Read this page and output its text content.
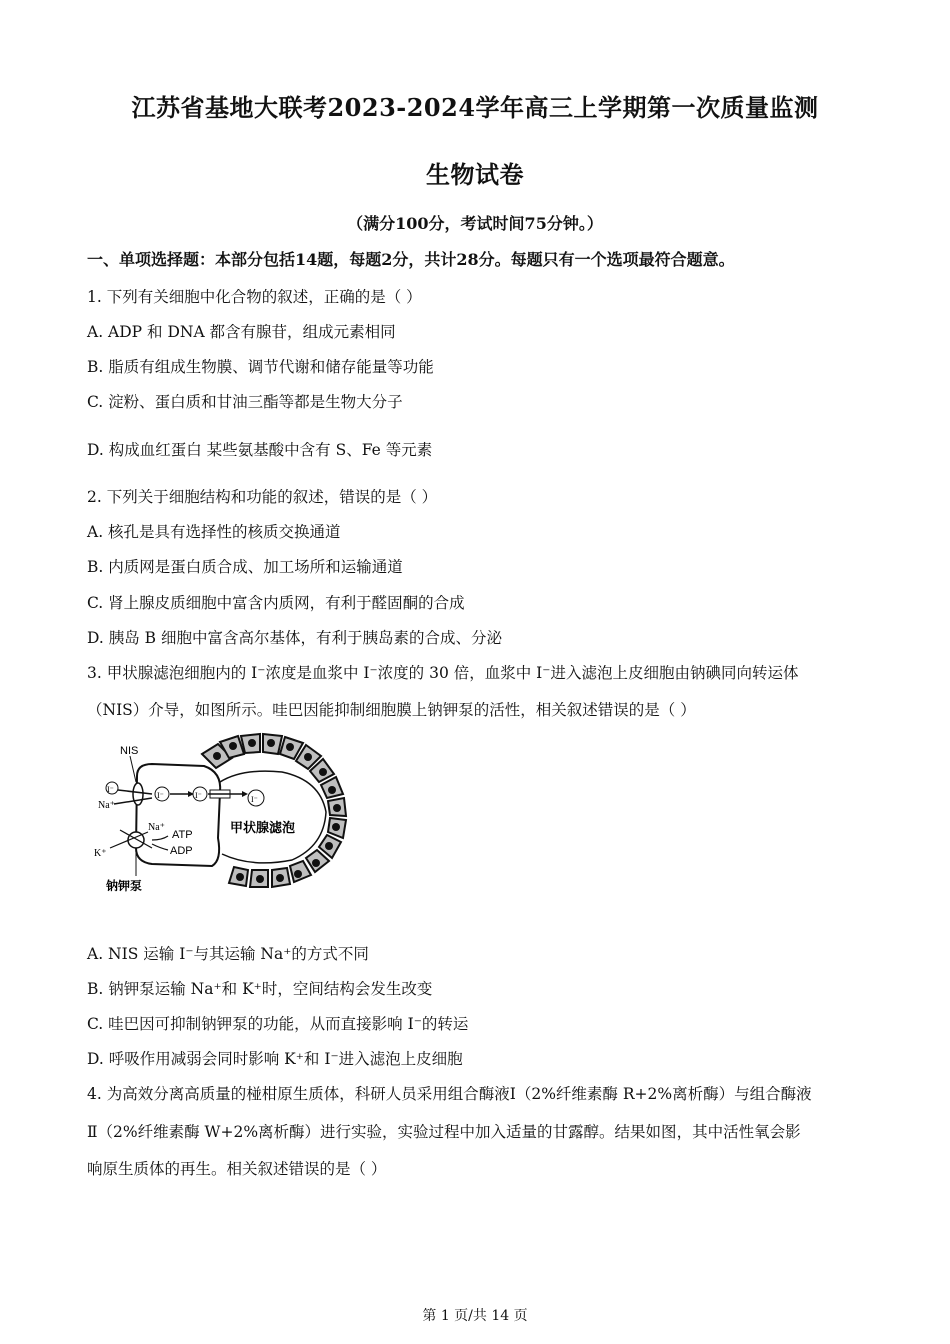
江苏省基地大联考2023-2024学年高三上学期第一次质量监测
生物试卷
（满分100分，考试时间75分钟。）
一、单项选择题：本部分包括14题，每题2分，共计28分。每题只有一个选项最符合题意。
1. 下列有关细胞中化合物的叙述，正确的是（ ）
A. ADP 和 DNA 都含有腺苷，组成元素相同
B. 脂质有组成生物膜、调节代谢和储存能量等功能
C. 淀粉、蛋白质和甘油三酯等都是生物大分子
D. 构成血红蛋白 某些氨基酸中含有 S、Fe 等元素
2. 下列关于细胞结构和功能的叙述，错误的是（ ）
A. 核孔是具有选择性的核质交换通道
B. 内质网是蛋白质合成、加工场所和运输通道
C. 肾上腺皮质细胞中富含内质网，有利于醛固酮的合成
D. 胰岛 B 细胞中富含高尔基体，有利于胰岛素的合成、分泌
3. 甲状腺滤泡细胞内的 I⁻浓度是血浆中 I⁻浓度的 30 倍，血浆中 I⁻进入滤泡上皮细胞由钠碘同向转运体
（NIS）介导，如图所示。哇巴因能抑制细胞膜上钠钾泵的活性，相关叙述错误的是（ ）
NIS
I⁻
Na⁺
I⁻	I⁻	I⁻
甲状腺滤泡
Na⁺
ATP
ADP
K⁺
钠钾泵
A. NIS 运输 I⁻与其运输 Na⁺的方式不同
B. 钠钾泵运输 Na⁺和 K⁺时，空间结构会发生改变
C. 哇巴因可抑制钠钾泵的功能，从而直接影响 I⁻的转运
D. 呼吸作用减弱会同时影响 K⁺和 I⁻进入滤泡上皮细胞
4. 为高效分离高质量的椪柑原生质体，科研人员采用组合酶液Ⅰ（2%纤维素酶 R+2%离析酶）与组合酶液
Ⅱ（2%纤维素酶 W+2%离析酶）进行实验，实验过程中加入适量的甘露醇。结果如图，其中活性氧会影
响原生质体的再生。相关叙述错误的是（ ）
第 1 页/共 14 页
